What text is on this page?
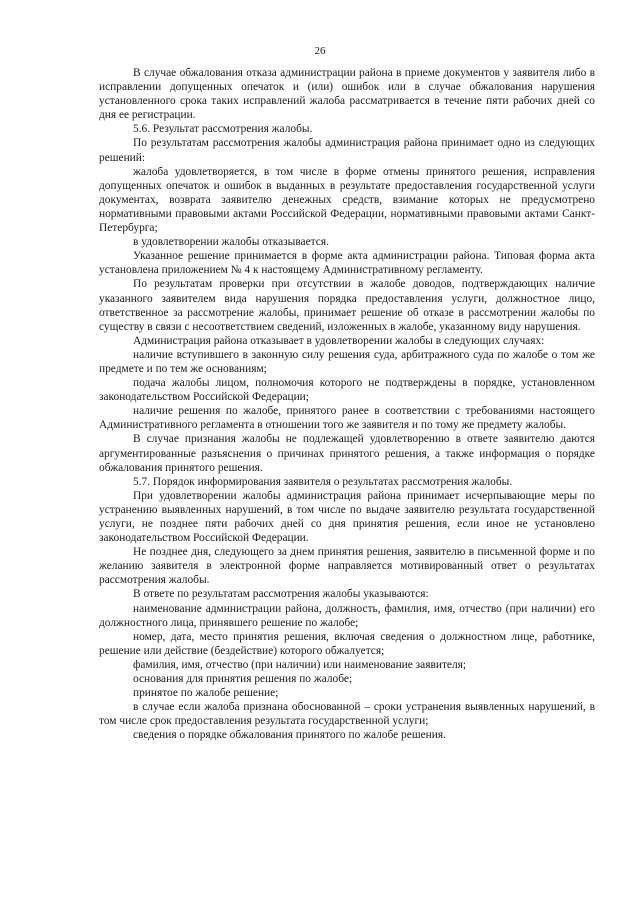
26

В случае обжалования отказа администрации района в приеме документов у заявителя либо в исправлении допущенных опечаток и (или) ошибок или в случае обжалования нарушения установленного срока таких исправлений жалоба рассматривается в течение пяти рабочих дней со дня ее регистрации.

5.6. Результат рассмотрения жалобы.

По результатам рассмотрения жалобы администрация района принимает одно из следующих решений:

жалоба удовлетворяется, в том числе в форме отмены принятого решения, исправления допущенных опечаток и ошибок в выданных в результате предоставления государственной услуги документах, возврата заявителю денежных средств, взимание которых не предусмотрено нормативными правовыми актами Российской Федерации, нормативными правовыми актами Санкт-Петербурга;

в удовлетворении жалобы отказывается.

Указанное решение принимается в форме акта администрации района. Типовая форма акта установлена приложением № 4 к настоящему Административному регламенту.

По результатам проверки при отсутствии в жалобе доводов, подтверждающих наличие указанного заявителем вида нарушения порядка предоставления услуги, должностное лицо, ответственное за рассмотрение жалобы, принимает решение об отказе в рассмотрении жалобы по существу в связи с несоответствием сведений, изложенных в жалобе, указанному виду нарушения.

Администрация района отказывает в удовлетворении жалобы в следующих случаях:

наличие вступившего в законную силу решения суда, арбитражного суда по жалобе о том же предмете и по тем же основаниям;

подача жалобы лицом, полномочия которого не подтверждены в порядке, установленном законодательством Российской Федерации;

наличие решения по жалобе, принятого ранее в соответствии с требованиями настоящего Административного регламента в отношении того же заявителя и по тому же предмету жалобы.

В случае признания жалобы не подлежащей удовлетворению в ответе заявителю даются аргументированные разъяснения о причинах принятого решения, а также информация о порядке обжалования принятого решения.

5.7. Порядок информирования заявителя о результатах рассмотрения жалобы.

При удовлетворении жалобы администрация района принимает исчерпывающие меры по устранению выявленных нарушений, в том числе по выдаче заявителю результата государственной услуги, не позднее пяти рабочих дней со дня принятия решения, если иное не установлено законодательством Российской Федерации.

Не позднее дня, следующего за днем принятия решения, заявителю в письменной форме и по желанию заявителя в электронной форме направляется мотивированный ответ о результатах рассмотрения жалобы.

В ответе по результатам рассмотрения жалобы указываются:

наименование администрации района, должность, фамилия, имя, отчество (при наличии) его должностного лица, принявшего решение по жалобе;

номер, дата, место принятия решения, включая сведения о должностном лице, работнике, решение или действие (бездействие) которого обжалуется;

фамилия, имя, отчество (при наличии) или наименование заявителя;

основания для принятия решения по жалобе;

принятое по жалобе решение;

в случае если жалоба признана обоснованной – сроки устранения выявленных нарушений, в том числе срок предоставления результата государственной услуги;

сведения о порядке обжалования принятого по жалобе решения.
